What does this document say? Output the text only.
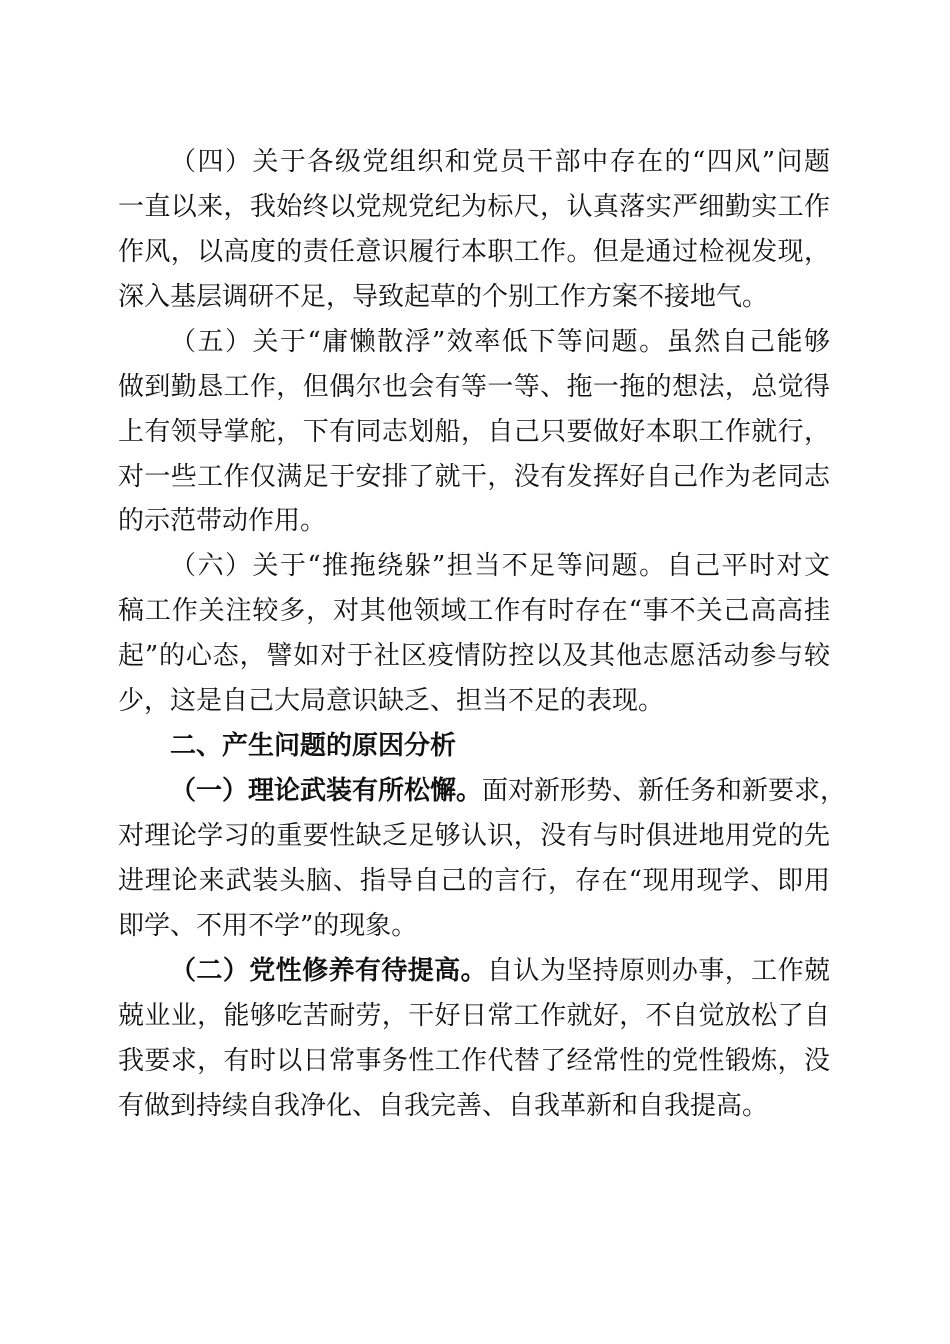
（四）关于各级党组织和党员干部中存在的“四风”问题
一直以来，我始终以党规党纪为标尺，认真落实严细勤实工作
作风，以高度的责任意识履行本职工作。但是通过检视发现，
深入基层调研不足，导致起草的个别工作方案不接地气。
（五）关于“庸懒散浮”效率低下等问题。虽然自己能够
做到勤恳工作，但偶尔也会有等一等、拖一拖的想法，总觉得
上有领导掌舵，下有同志划船，自己只要做好本职工作就行，
对一些工作仅满足于安排了就干，没有发挥好自己作为老同志
的示范带动作用。
（六）关于“推拖绕躲”担当不足等问题。自己平时对文
稿工作关注较多，对其他领域工作有时存在“事不关己高高挂
起”的心态，譬如对于社区疫情防控以及其他志愿活动参与较
少，这是自己大局意识缺乏、担当不足的表现。
二、产生问题的原因分析
（一）理论武装有所松懈。面对新形势、新任务和新要求，
对理论学习的重要性缺乏足够认识，没有与时俱进地用党的先
进理论来武装头脑、指导自己的言行，存在“现用现学、即用
即学、不用不学”的现象。
（二）党性修养有待提高。自认为坚持原则办事，工作兢
兢业业，能够吃苦耐劳，干好日常工作就好，不自觉放松了自
我要求，有时以日常事务性工作代替了经常性的党性锻炼，没
有做到持续自我净化、自我完善、自我革新和自我提高。
